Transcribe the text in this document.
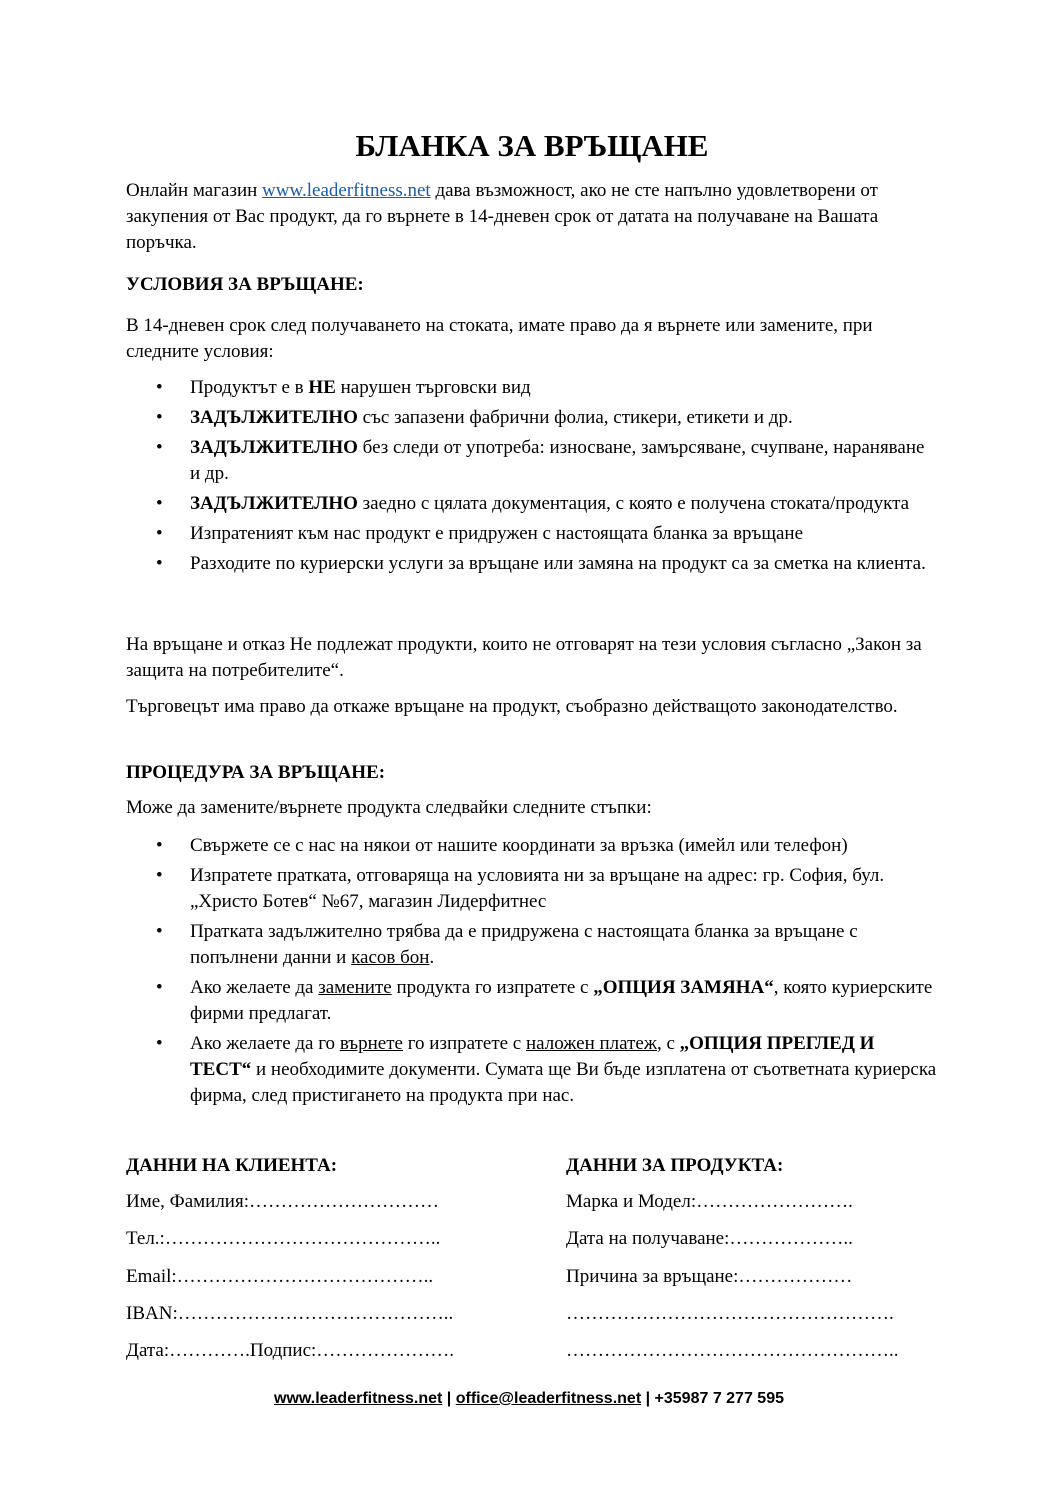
БЛАНКА ЗА ВРЪЩАНЕ

Онлайн магазин www.leaderfitness.net дава възможност, ако не сте напълно удовлетворени от закупения от Вас продукт, да го върнете в 14-дневен срок от датата на получаване на Вашата поръчка.

УСЛОВИЯ ЗА ВРЪЩАНЕ:

В 14-дневен срок след получаването на стоката, имате право да я върнете или замените, при следните условия:

• Продуктът е в НЕ нарушен търговски вид
• ЗАДЪЛЖИТЕЛНО със запазени фабрични фолиа, стикери, етикети и др.
• ЗАДЪЛЖИТЕЛНО без следи от употреба: износване, замърсяване, счупване, нараняване и др.
• ЗАДЪЛЖИТЕЛНО заедно с цялата документация, с която е получена стоката/продукта
• Изпратеният към нас продукт е придружен с настоящата бланка за връщане
• Разходите по куриерски услуги за връщане или замяна на продукт са за сметка на клиента.

На връщане и отказ Не подлежат продукти, които не отговарят на тези условия съгласно „Закон за защита на потребителите“.

Търговецът има право да откаже връщане на продукт, съобразно действащото законодателство.

ПРОЦЕДУРА ЗА ВРЪЩАНЕ:

Може да замените/върнете продукта следвайки следните стъпки:

• Свържете се с нас на някои от нашите координати за връзка (имейл или телефон)
• Изпратете пратката, отговаряща на условията ни за връщане на адрес: гр. София, бул. „Христо Ботев“ №67, магазин Лидерфитнес
• Пратката задължително трябва да е придружена с настоящата бланка за връщане с попълнени данни и касов бон.
• Ако желаете да замените продукта го изпратете с „ОПЦИЯ ЗАМЯНА“, която куриерските фирми предлагат.
• Ако желаете да го върнете го изпратете с наложен платеж, с „ОПЦИЯ ПРЕГЛЕД И ТЕСТ“ и необходимите документи. Сумата ще Ви бъде изплатена от съответната куриерска фирма, след пристигането на продукта при нас.
ДАННИ НА КЛИЕНТА:
Име, Фамилия:…………………………
Тел.:……………………………………..
Email:…………………………………..
IBAN:……………………………………..
Дата:………….Подпис:………………….
ДАННИ ЗА ПРОДУКТА:
Марка и Модел:…………………….
Дата на получаване:………………..
Причина за връщане:………………
…………………………………………….
……………………………………………..
www.leaderfitness.net | office@leaderfitness.net | +35987 7 277 595
